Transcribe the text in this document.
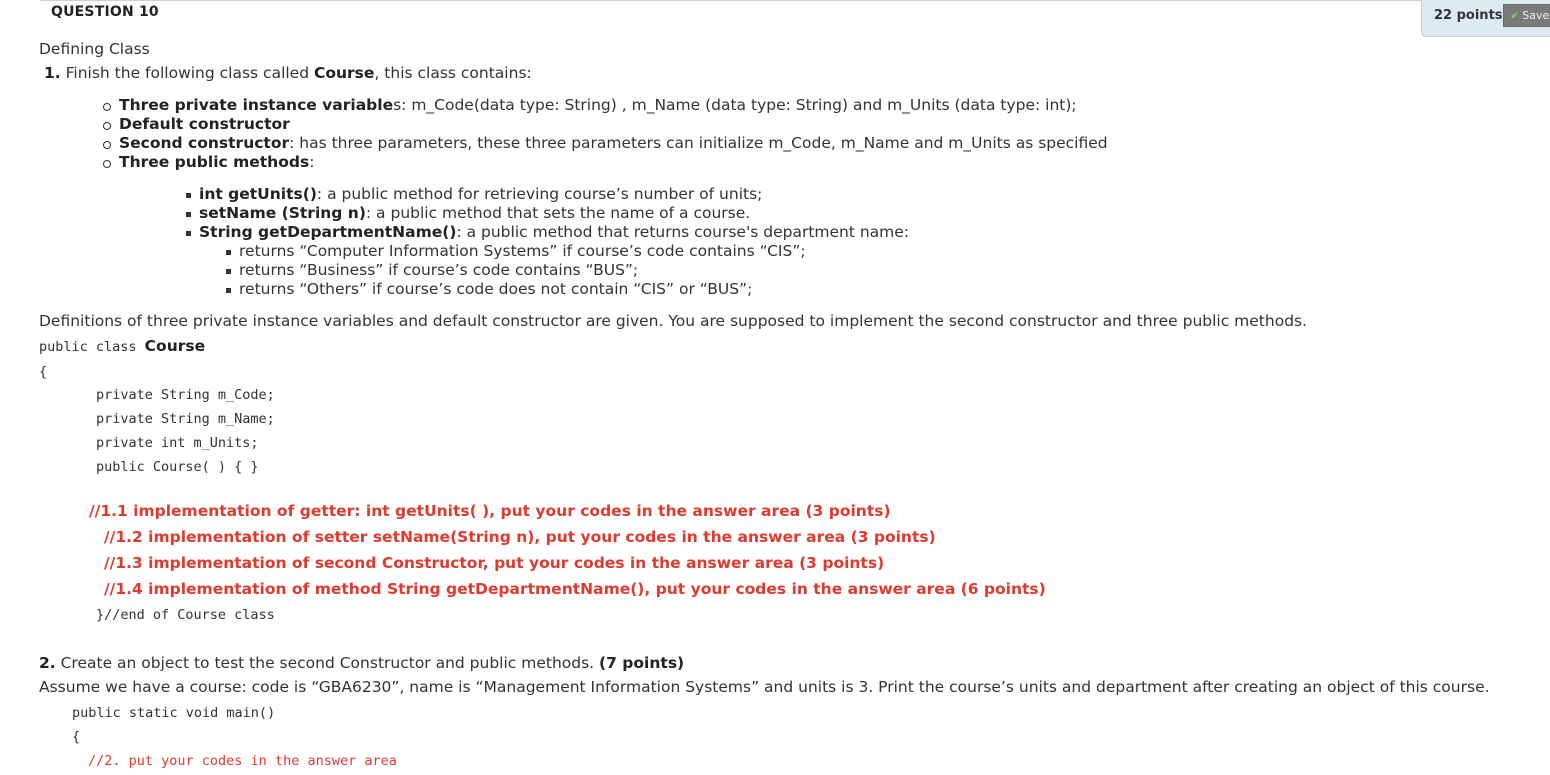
QUESTION 10	22 points ✔ Save
Defining Class
1. Finish the following class called Course, this class contains:
Three private instance variables: m_Code(data type: String) , m_Name (data type: String) and m_Units (data type: int);
Default constructor
Second constructor: has three parameters, these three parameters can initialize m_Code, m_Name and m_Units as specified
Three public methods:
int getUnits(): a public method for retrieving course’s number of units;
setName (String n): a public method that sets the name of a course.
String getDepartmentName(): a public method that returns course's department name:
returns “Computer Information Systems” if course’s code contains “CIS”;
returns “Business” if course’s code contains “BUS”;
returns “Others” if course’s code does not contain “CIS” or “BUS”;
Definitions of three private instance variables and default constructor are given. You are supposed to implement the second constructor and three public methods.
public class Course
{
private String m_Code;
private String m_Name;
private int m_Units;
public Course( ) { }
//1.1 implementation of getter: int getUnits( ), put your codes in the answer area (3 points)
//1.2 implementation of setter setName(String n), put your codes in the answer area (3 points)
//1.3 implementation of second Constructor, put your codes in the answer area (3 points)
//1.4 implementation of method String getDepartmentName(), put your codes in the answer area (6 points)
}//end of Course class
2. Create an object to test the second Constructor and public methods. (7 points)
Assume we have a course: code is “GBA6230”, name is “Management Information Systems” and units is 3. Print the course’s units and department after creating an object of this course.
public static void main()
{
//2. put your codes in the answer area
